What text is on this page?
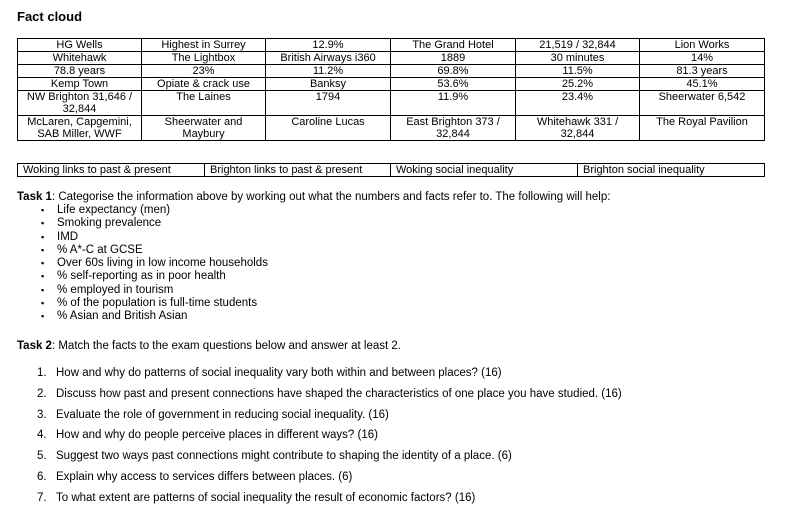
Fact cloud
HG Wells	Highest in Surrey	12.9%	The Grand Hotel	21,519 / 32,844	Lion Works
Whitehawk	The Lightbox	British Airways i360	1889	30 minutes	14%
78.8 years	23%	11.2%	69.8%	11.5%	81.3 years
Kemp Town	Opiate & crack use	Banksy	53.6%	25.2%	45.1%
NW Brighton 31,646 / 32,844	The Laines	1794	11.9%	23.4%	Sheerwater 6,542
McLaren, Capgemini, SAB Miller, WWF	Sheerwater and Maybury	Caroline Lucas	East Brighton 373 / 32,844	Whitehawk 331 / 32,844	The Royal Pavilion
Woking links to past & present	Brighton links to past & present	Woking social inequality	Brighton social inequality
Task 1: Categorise the information above by working out what the numbers and facts refer to. The following will help:
▪ Life expectancy (men)
▪ Smoking prevalence
▪ IMD
▪ % A*-C at GCSE
▪ Over 60s living in low income households
▪ % self-reporting as in poor health
▪ % employed in tourism
▪ % of the population is full-time students
▪ % Asian and British Asian
Task 2: Match the facts to the exam questions below and answer at least 2.
1. How and why do patterns of social inequality vary both within and between places? (16)
2. Discuss how past and present connections have shaped the characteristics of one place you have studied. (16)
3. Evaluate the role of government in reducing social inequality. (16)
4. How and why do people perceive places in different ways? (16)
5. Suggest two ways past connections might contribute to shaping the identity of a place. (6)
6. Explain why access to services differs between places. (6)
7. To what extent are patterns of social inequality the result of economic factors? (16)
